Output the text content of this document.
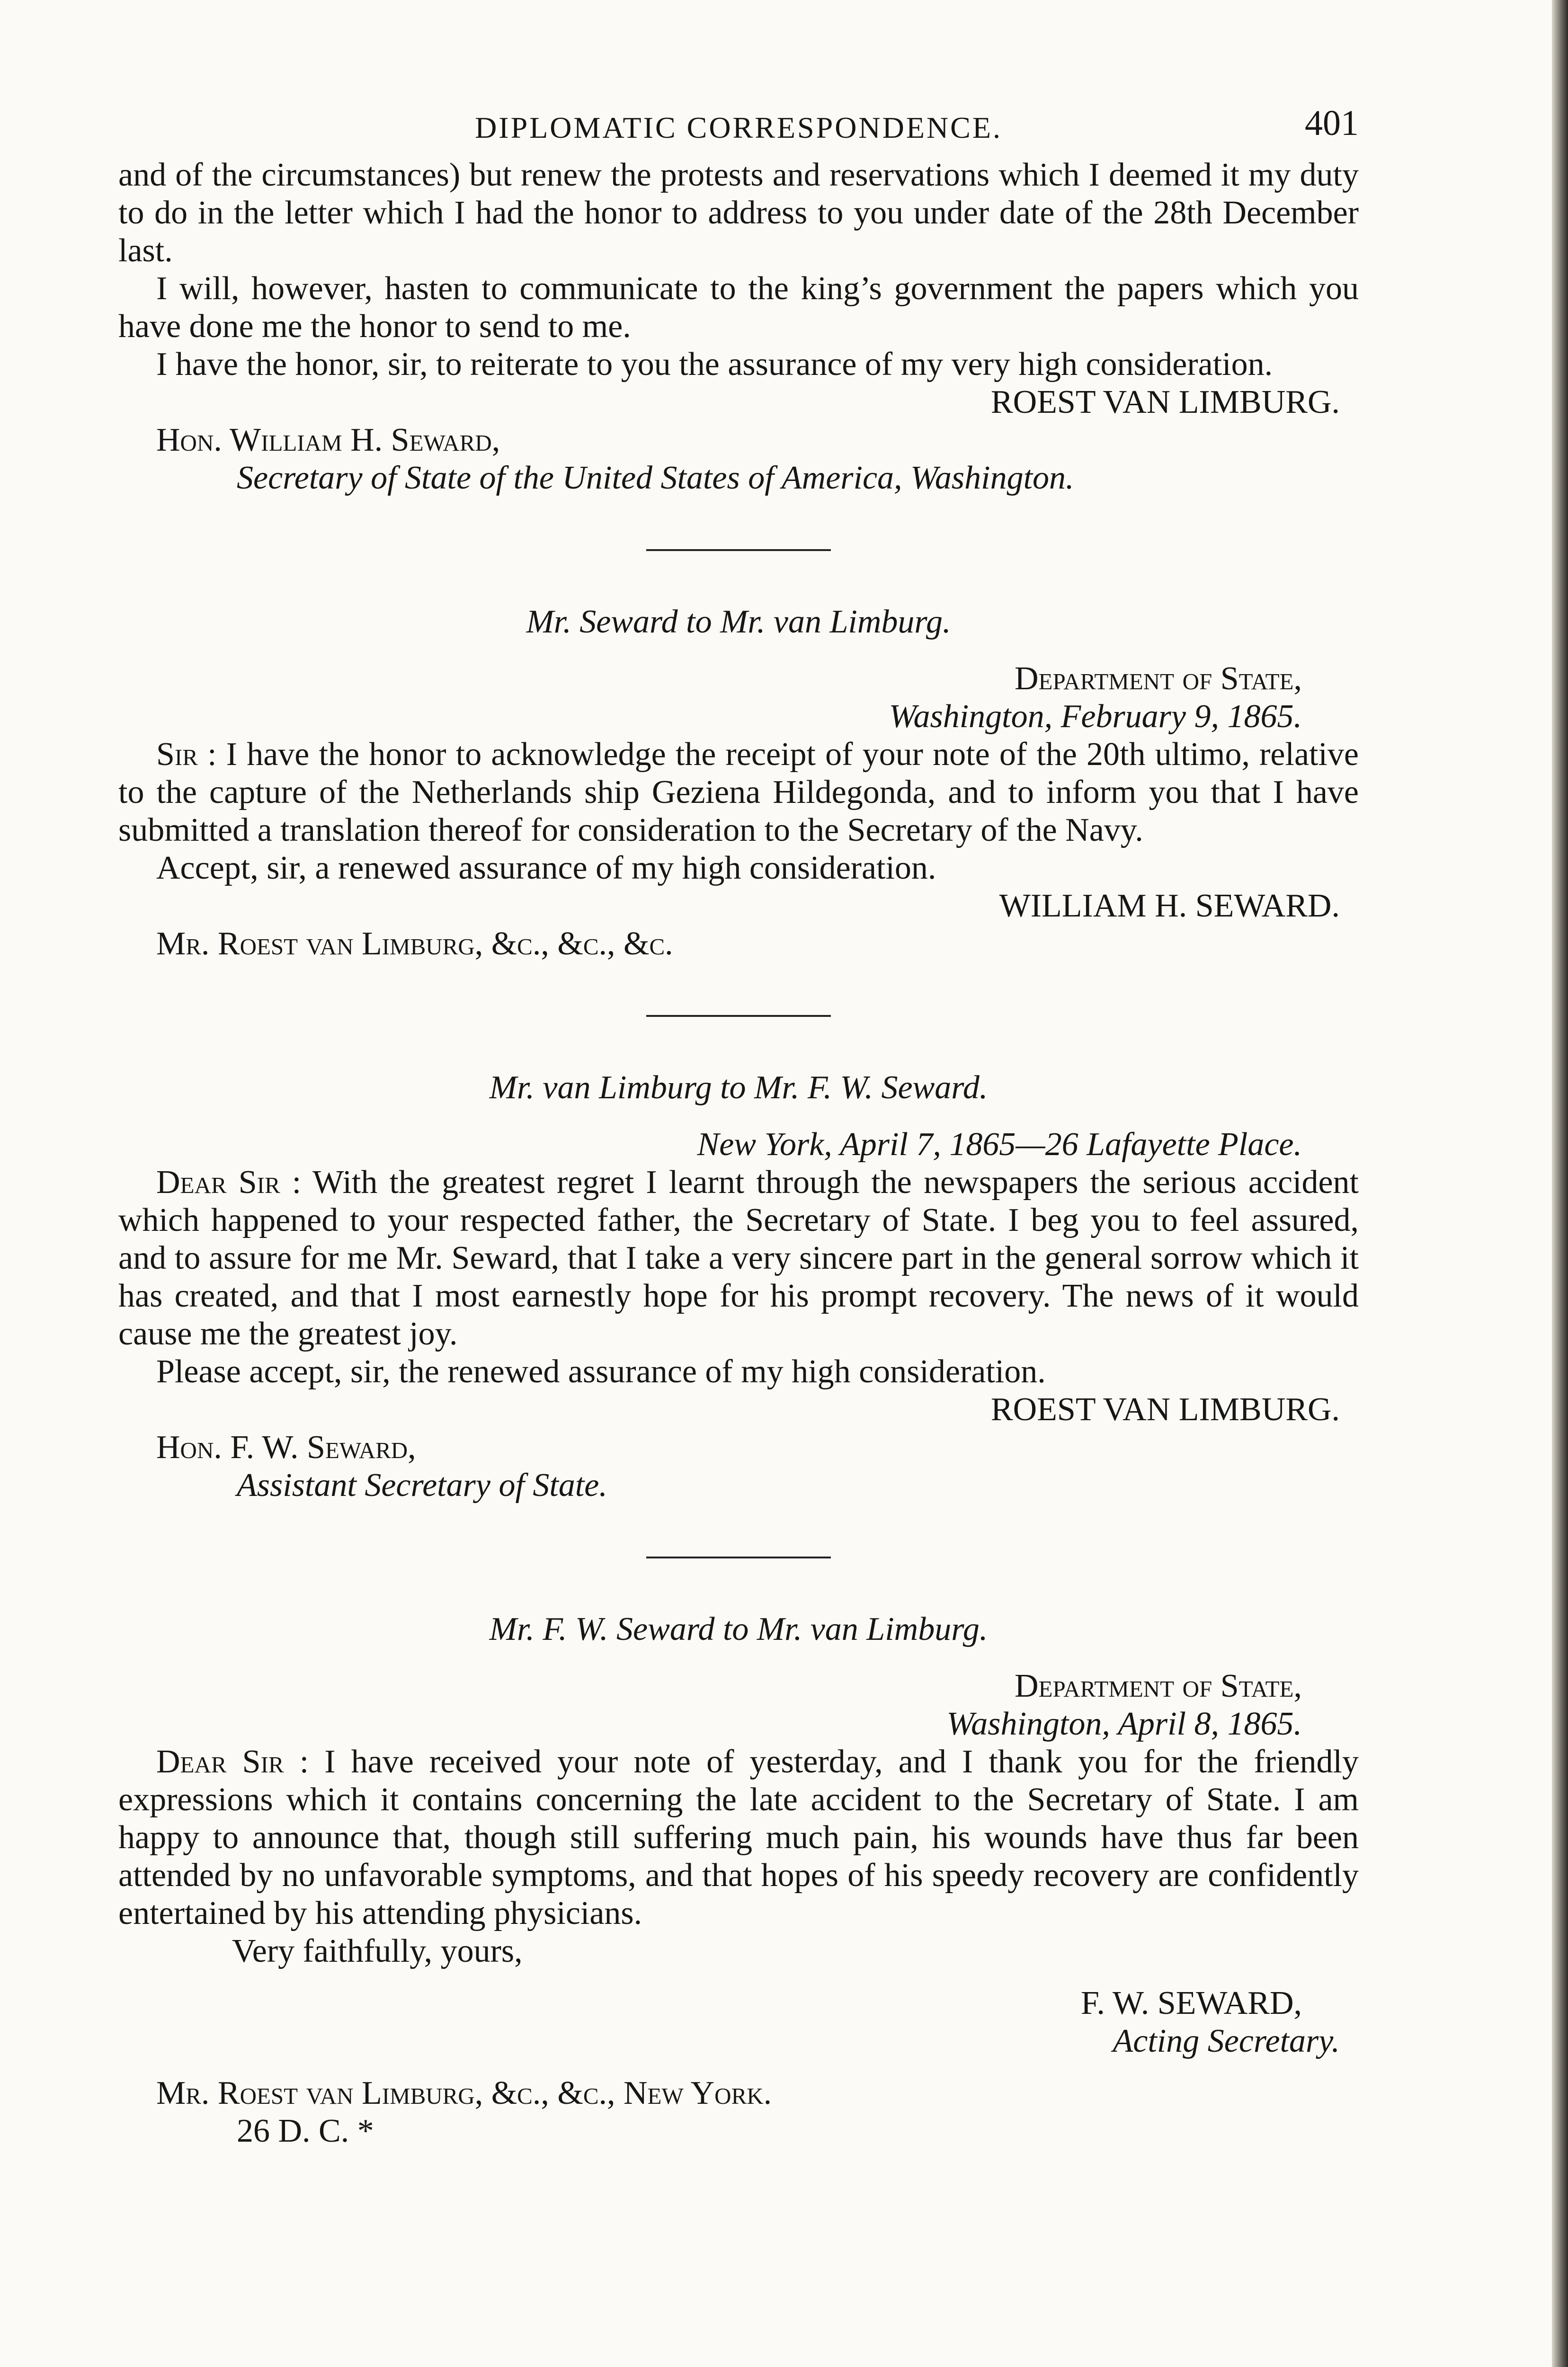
DIPLOMATIC CORRESPONDENCE.	401

and of the circumstances) but renew the protests and reservations which I deemed it my duty to do in the letter which I had the honor to address to you under date of the 28th December last.

I will, however, hasten to communicate to the king’s government the papers which you have done me the honor to send to me.

I have the honor, sir, to reiterate to you the assurance of my very high consideration.

ROEST VAN LIMBURG.

Hon. William H. Seward,

Secretary of State of the United States of America, Washington.

Mr. Seward to Mr. van Limburg.

Department of State,

Washington, February 9, 1865.

Sir : I have the honor to acknowledge the receipt of your note of the 20th ultimo, relative to the capture of the Netherlands ship Geziena Hildegonda, and to inform you that I have submitted a translation thereof for consideration to the Secretary of the Navy.

Accept, sir, a renewed assurance of my high consideration.

WILLIAM H. SEWARD.

Mr. Roest van Limburg, &c., &c., &c.

Mr. van Limburg to Mr. F. W. Seward.

New York, April 7, 1865—26 Lafayette Place.

Dear Sir : With the greatest regret I learnt through the newspapers the serious accident which happened to your respected father, the Secretary of State. I beg you to feel assured, and to assure for me Mr. Seward, that I take a very sincere part in the general sorrow which it has created, and that I most earnestly hope for his prompt recovery. The news of it would cause me the greatest joy.

Please accept, sir, the renewed assurance of my high consideration.

ROEST VAN LIMBURG.

Hon. F. W. Seward,

Assistant Secretary of State.

Mr. F. W. Seward to Mr. van Limburg.

Department of State,

Washington, April 8, 1865.

Dear Sir : I have received your note of yesterday, and I thank you for the friendly expressions which it contains concerning the late accident to the Secretary of State. I am happy to announce that, though still suffering much pain, his wounds have thus far been attended by no unfavorable symptoms, and that hopes of his speedy recovery are confidently entertained by his attending physicians.

Very faithfully, yours,

F. W. SEWARD,

Acting Secretary.

Mr. Roest van Limburg, &c., &c., New York.

26 D. C. *
